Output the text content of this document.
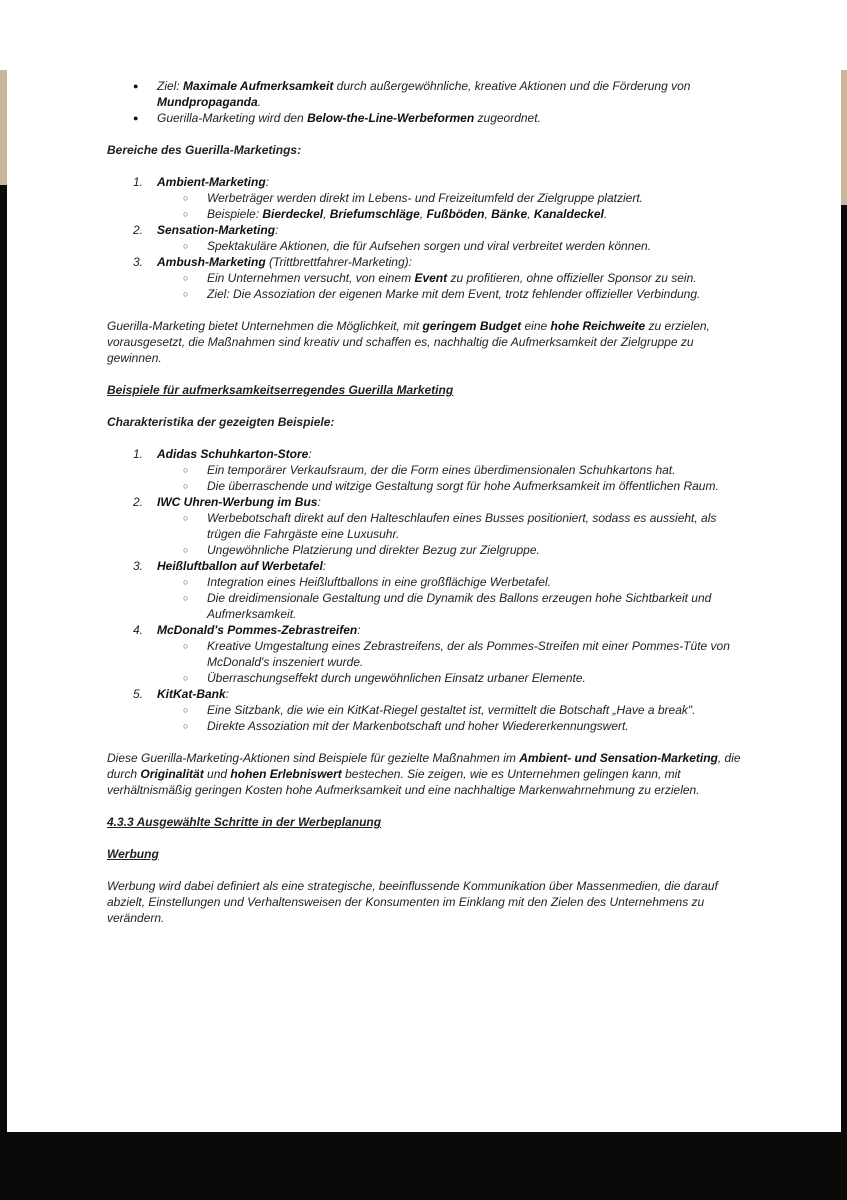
● Ziel: Maximale Aufmerksamkeit durch außergewöhnliche, kreative Aktionen und die Förderung von Mundpropaganda.
● Guerilla-Marketing wird den Below-the-Line-Werbeformen zugeordnet.

Bereiche des Guerilla-Marketings:

1. Ambient-Marketing:
○ Werbeträger werden direkt im Lebens- und Freizeitumfeld der Zielgruppe platziert.
○ Beispiele: Bierdeckel, Briefumschläge, Fußböden, Bänke, Kanaldeckel.
2. Sensation-Marketing:
○ Spektakuläre Aktionen, die für Aufsehen sorgen und viral verbreitet werden können.
3. Ambush-Marketing (Trittbrettfahrer-Marketing):
○ Ein Unternehmen versucht, von einem Event zu profitieren, ohne offizieller Sponsor zu sein.
○ Ziel: Die Assoziation der eigenen Marke mit dem Event, trotz fehlender offizieller Verbindung.

Guerilla-Marketing bietet Unternehmen die Möglichkeit, mit geringem Budget eine hohe Reichweite zu erzielen, vorausgesetzt, die Maßnahmen sind kreativ und schaffen es, nachhaltig die Aufmerksamkeit der Zielgruppe zu gewinnen.

Beispiele für aufmerksamkeitserregendes Guerilla Marketing

Charakteristika der gezeigten Beispiele:

1. Adidas Schuhkarton-Store:
○ Ein temporärer Verkaufsraum, der die Form eines überdimensionalen Schuhkartons hat.
○ Die überraschende und witzige Gestaltung sorgt für hohe Aufmerksamkeit im öffentlichen Raum.
2. IWC Uhren-Werbung im Bus:
○ Werbebotschaft direkt auf den Halteschlaufen eines Busses positioniert, sodass es aussieht, als trügen die Fahrgäste eine Luxusuhr.
○ Ungewöhnliche Platzierung und direkter Bezug zur Zielgruppe.
3. Heißluftballon auf Werbetafel:
○ Integration eines Heißluftballons in eine großflächige Werbetafel.
○ Die dreidimensionale Gestaltung und die Dynamik des Ballons erzeugen hohe Sichtbarkeit und Aufmerksamkeit.
4. McDonald's Pommes-Zebrastreifen:
○ Kreative Umgestaltung eines Zebrastreifens, der als Pommes-Streifen mit einer Pommes-Tüte von McDonald's inszeniert wurde.
○ Überraschungseffekt durch ungewöhnlichen Einsatz urbaner Elemente.
5. KitKat-Bank:
○ Eine Sitzbank, die wie ein KitKat-Riegel gestaltet ist, vermittelt die Botschaft „Have a break".
○ Direkte Assoziation mit der Markenbotschaft und hoher Wiedererkennungswert.

Diese Guerilla-Marketing-Aktionen sind Beispiele für gezielte Maßnahmen im Ambient- und Sensation-Marketing, die durch Originalität und hohen Erlebniswert bestechen. Sie zeigen, wie es Unternehmen gelingen kann, mit verhältnismäßig geringen Kosten hohe Aufmerksamkeit und eine nachhaltige Markenwahrnehmung zu erzielen.

4.3.3 Ausgewählte Schritte in der Werbeplanung

Werbung

Werbung wird dabei definiert als eine strategische, beeinflussende Kommunikation über Massenmedien, die darauf abzielt, Einstellungen und Verhaltensweisen der Konsumenten im Einklang mit den Zielen des Unternehmens zu verändern.
